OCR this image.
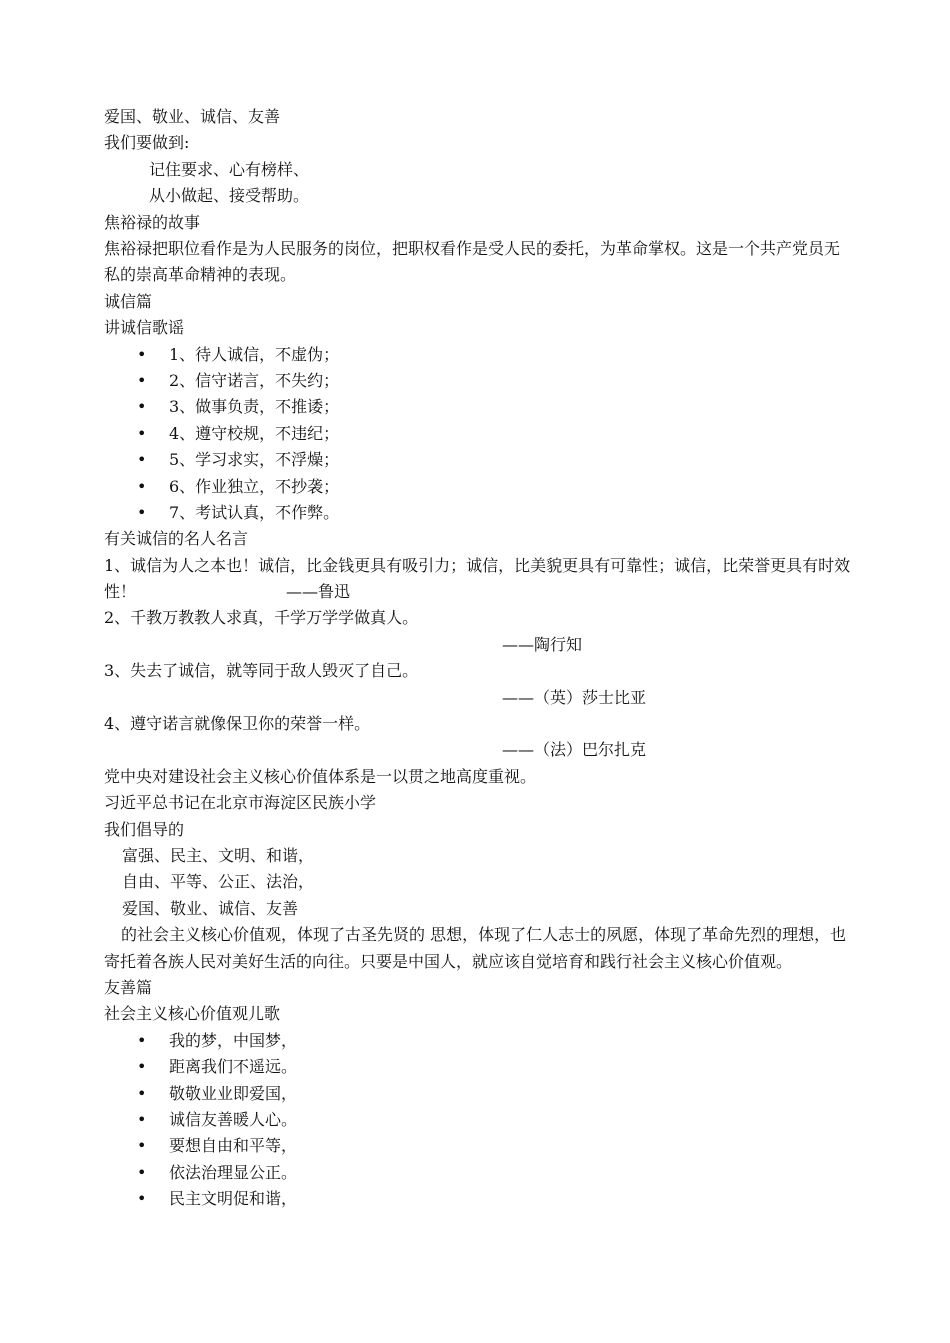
爱国、敬业、诚信、友善
我们要做到:
记住要求、心有榜样、
从小做起、接受帮助。
焦裕禄的故事
焦裕禄把职位看作是为人民服务的岗位，把职权看作是受人民的委托，为革命掌权。这是一个共产党员无私的崇高革命精神的表现。
诚信篇
讲诚信歌谣
• 1、待人诚信，不虚伪；
• 2、信守诺言，不失约；
• 3、做事负责，不推诿；
• 4、遵守校规，不违纪；
• 5、学习求实，不浮燥；
• 6、作业独立，不抄袭；
• 7、考试认真，不作弊。
有关诚信的名人名言
1、诚信为人之本也！诚信，比金钱更具有吸引力；诚信，比美貌更具有可靠性；诚信，比荣誉更具有时效性！	——鲁迅
2、千教万教教人求真，千学万学学做真人。
——陶行知
3、失去了诚信，就等同于敌人毁灭了自己。
——（英）莎士比亚
4、遵守诺言就像保卫你的荣誉一样。
——（法）巴尔扎克
党中央对建设社会主义核心价值体系是一以贯之地高度重视。
习近平总书记在北京市海淀区民族小学
我们倡导的
富强、民主、文明、和谐，
自由、平等、公正、法治，
爱国、敬业、诚信、友善
的社会主义核心价值观，体现了古圣先贤的 思想，体现了仁人志士的夙愿，体现了革命先烈的理想，也寄托着各族人民对美好生活的向往。只要是中国人，就应该自觉培育和践行社会主义核心价值观。
友善篇
社会主义核心价值观儿歌
• 我的梦，中国梦，
• 距离我们不遥远。
• 敬敬业业即爱国，
• 诚信友善暖人心。
• 要想自由和平等，
• 依法治理显公正。
• 民主文明促和谐，
